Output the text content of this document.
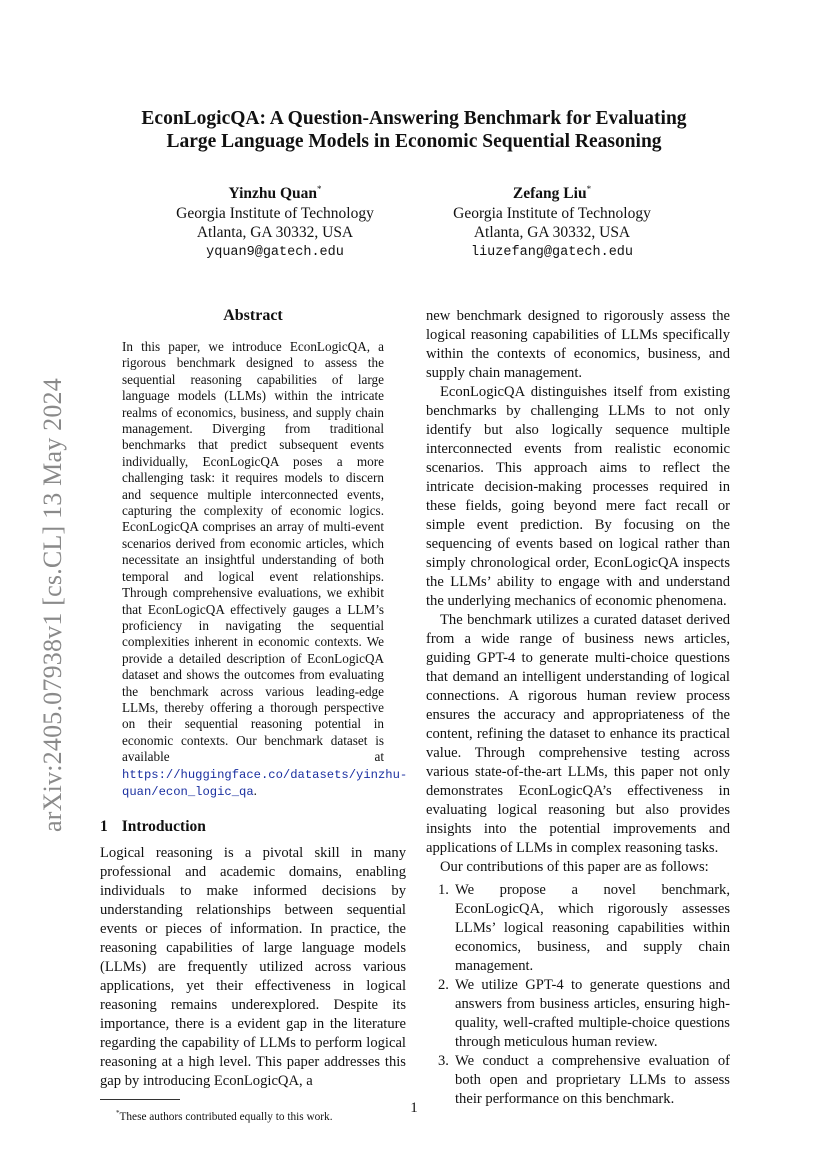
arXiv:2405.07938v1 [cs.CL] 13 May 2024
EconLogicQA: A Question-Answering Benchmark for Evaluating
Large Language Models in Economic Sequential Reasoning
Yinzhu Quan*
Georgia Institute of Technology
Atlanta, GA 30332, USA
yquan9@gatech.edu
Zefang Liu*
Georgia Institute of Technology
Atlanta, GA 30332, USA
liuzefang@gatech.edu
Abstract
In this paper, we introduce EconLogicQA, a rigorous benchmark designed to assess the sequential reasoning capabilities of large language models (LLMs) within the intricate realms of economics, business, and supply chain management. Diverging from traditional benchmarks that predict subsequent events individually, EconLogicQA poses a more challenging task: it requires models to discern and sequence multiple interconnected events, capturing the complexity of economic logics. EconLogicQA comprises an array of multi-event scenarios derived from economic articles, which necessitate an insightful understanding of both temporal and logical event relationships. Through comprehensive evaluations, we exhibit that EconLogicQA effectively gauges a LLM’s proficiency in navigating the sequential complexities inherent in economic contexts. We provide a detailed description of EconLogicQA dataset and shows the outcomes from evaluating the benchmark across various leading-edge LLMs, thereby offering a thorough perspective on their sequential reasoning potential in economic contexts. Our benchmark dataset is available at https://huggingface.co/datasets/yinzhu-quan/econ_logic_qa.
1 Introduction

Logical reasoning is a pivotal skill in many professional and academic domains, enabling individuals to make informed decisions by understanding relationships between sequential events or pieces of information. In practice, the reasoning capabilities of large language models (LLMs) are frequently utilized across various applications, yet their effectiveness in logical reasoning remains underexplored. Despite its importance, there is a evident gap in the literature regarding the capability of LLMs to perform logical reasoning at a high level. This paper addresses this gap by introducing EconLogicQA, a

*These authors contributed equally to this work.

new benchmark designed to rigorously assess the logical reasoning capabilities of LLMs specifically within the contexts of economics, business, and supply chain management.

EconLogicQA distinguishes itself from existing benchmarks by challenging LLMs to not only identify but also logically sequence multiple interconnected events from realistic economic scenarios. This approach aims to reflect the intricate decision-making processes required in these fields, going beyond mere fact recall or simple event prediction. By focusing on the sequencing of events based on logical rather than simply chronological order, EconLogicQA inspects the LLMs’ ability to engage with and understand the underlying mechanics of economic phenomena.

The benchmark utilizes a curated dataset derived from a wide range of business news articles, guiding GPT-4 to generate multi-choice questions that demand an intelligent understanding of logical connections. A rigorous human review process ensures the accuracy and appropriateness of the content, refining the dataset to enhance its practical value. Through comprehensive testing across various state-of-the-art LLMs, this paper not only demonstrates EconLogicQA’s effectiveness in evaluating logical reasoning but also provides insights into the potential improvements and applications of LLMs in complex reasoning tasks.

Our contributions of this paper are as follows:

1. We propose a novel benchmark, EconLogicQA, which rigorously assesses LLMs’ logical reasoning capabilities within economics, business, and supply chain management.
2. We utilize GPT-4 to generate questions and answers from business articles, ensuring high-quality, well-crafted multiple-choice questions through meticulous human review.
3. We conduct a comprehensive evaluation of both open and proprietary LLMs to assess their performance on this benchmark.
1
